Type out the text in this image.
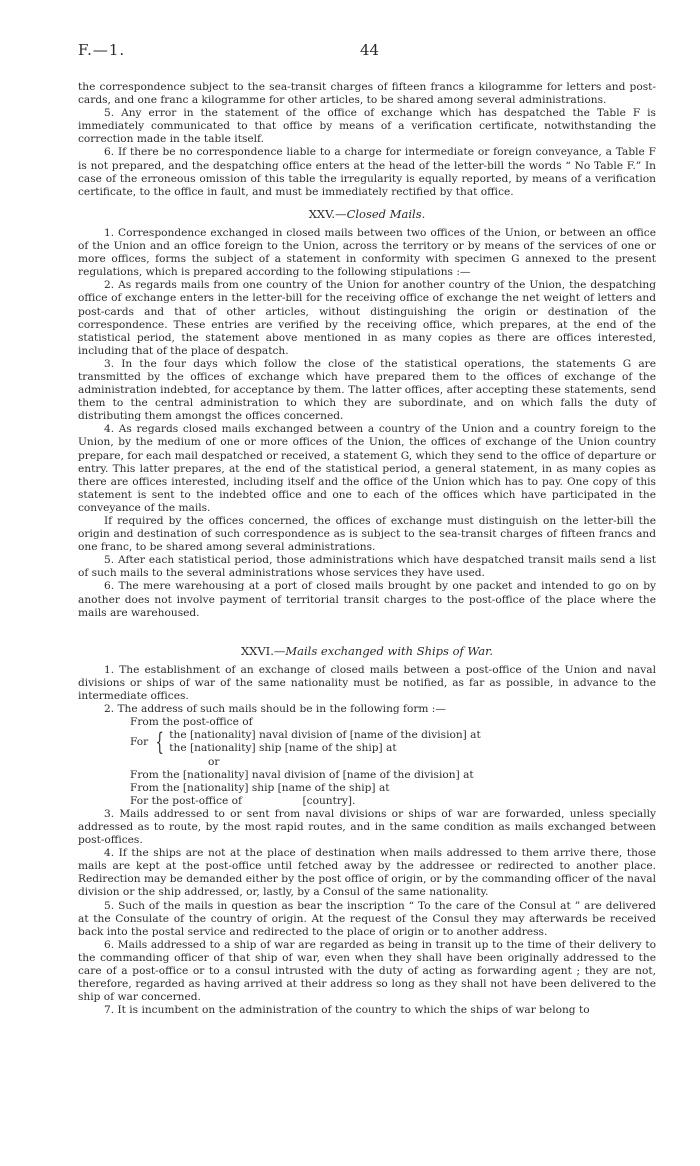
F.—1.	44

the correspondence subject to the sea-transit charges of fifteen francs a kilogramme for letters and post-cards, and one franc a kilogramme for other articles, to be shared among several administrations.

5. Any error in the statement of the office of exchange which has despatched the Table F is immediately communicated to that office by means of a verification certificate, notwithstanding the correction made in the table itself.

6. If there be no correspondence liable to a charge for intermediate or foreign conveyance, a Table F is not prepared, and the despatching office enters at the head of the letter-bill the words “ No Table F.” In case of the erroneous omission of this table the irregularity is equally reported, by means of a verification certificate, to the office in fault, and must be immediately rectified by that office.

XXV.—Closed Mails.

1. Correspondence exchanged in closed mails between two offices of the Union, or between an office of the Union and an office foreign to the Union, across the territory or by means of the services of one or more offices, forms the subject of a statement in conformity with specimen G annexed to the present regulations, which is prepared according to the following stipulations :—

2. As regards mails from one country of the Union for another country of the Union, the despatching office of exchange enters in the letter-bill for the receiving office of exchange the net weight of letters and post-cards and that of other articles, without distinguishing the origin or destination of the correspondence. These entries are verified by the receiving office, which prepares, at the end of the statistical period, the statement above mentioned in as many copies as there are offices interested, including that of the place of despatch.

3. In the four days which follow the close of the statistical operations, the statements G are transmitted by the offices of exchange which have prepared them to the offices of exchange of the administration indebted, for acceptance by them. The latter offices, after accepting these statements, send them to the central administration to which they are subordinate, and on which falls the duty of distributing them amongst the offices concerned.

4. As regards closed mails exchanged between a country of the Union and a country foreign to the Union, by the medium of one or more offices of the Union, the offices of exchange of the Union country prepare, for each mail despatched or received, a statement G, which they send to the office of departure or entry. This latter prepares, at the end of the statistical period, a general statement, in as many copies as there are offices interested, including itself and the office of the Union which has to pay. One copy of this statement is sent to the indebted office and one to each of the offices which have participated in the conveyance of the mails.

If required by the offices concerned, the offices of exchange must distinguish on the letter-bill the origin and destination of such correspondence as is subject to the sea-transit charges of fifteen francs and one franc, to be shared among several administrations.

5. After each statistical period, those administrations which have despatched transit mails send a list of such mails to the several administrations whose services they have used.

6. The mere warehousing at a port of closed mails brought by one packet and intended to go on by another does not involve payment of territorial transit charges to the post-office of the place where the mails are warehoused.

XXVI.—Mails exchanged with Ships of War.

1. The establishment of an exchange of closed mails between a post-office of the Union and naval divisions or ships of war of the same nationality must be notified, as far as possible, in advance to the intermediate offices.

2. The address of such mails should be in the following form :—

From the post-office of
For { the [nationality] naval division of [name of the division] at
the [nationality] ship [name of the ship] at
or
From the [nationality] naval division of [name of the division] at
From the [nationality] ship [name of the ship] at
For the post-office of                  [country].

3. Mails addressed to or sent from naval divisions or ships of war are forwarded, unless specially addressed as to route, by the most rapid routes, and in the same condition as mails exchanged between post-offices.

4. If the ships are not at the place of destination when mails addressed to them arrive there, those mails are kept at the post-office until fetched away by the addressee or redirected to another place. Redirection may be demanded either by the post office of origin, or by the commanding officer of the naval division or the ship addressed, or, lastly, by a Consul of the same nationality.

5. Such of the mails in question as bear the inscription “ To the care of the Consul at ” are delivered at the Consulate of the country of origin. At the request of the Consul they may afterwards be received back into the postal service and redirected to the place of origin or to another address.

6. Mails addressed to a ship of war are regarded as being in transit up to the time of their delivery to the commanding officer of that ship of war, even when they shall have been originally addressed to the care of a post-office or to a consul intrusted with the duty of acting as forwarding agent ; they are not, therefore, regarded as having arrived at their address so long as they shall not have been delivered to the ship of war concerned.

7. It is incumbent on the administration of the country to which the ships of war belong to
